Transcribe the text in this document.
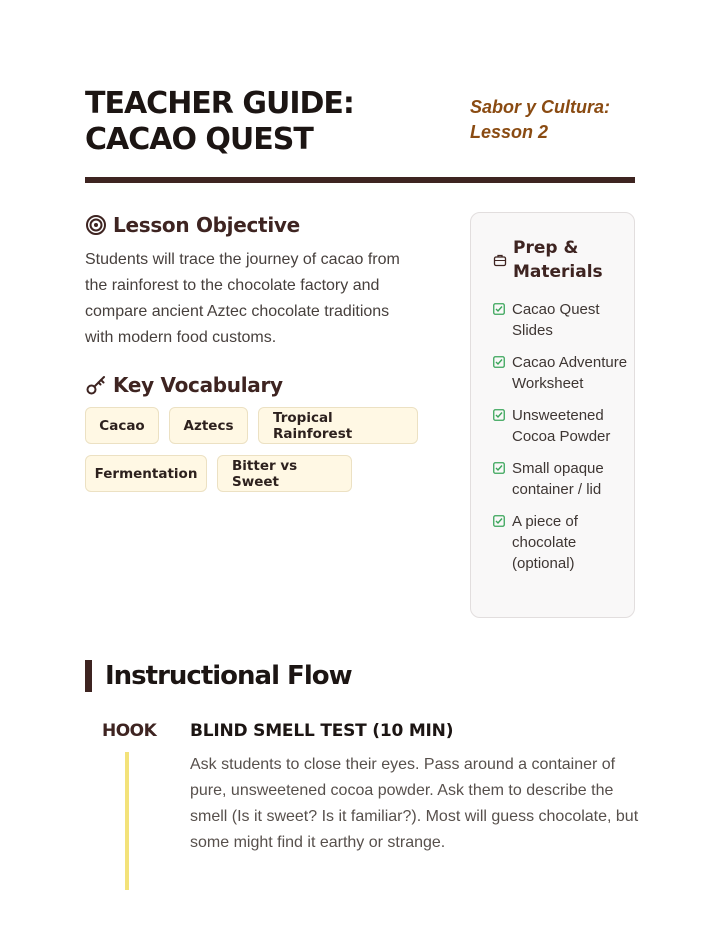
TEACHER GUIDE:
CACAO QUEST
Sabor y Cultura:
Lesson 2
Lesson Objective

Students will trace the journey of cacao from the rainforest to the chocolate factory and compare ancient Aztec chocolate traditions with modern food customs.

Key Vocabulary
Cacao	Aztecs	Tropical Rainforest
Fermentation	Bitter vs Sweet
Prep &
Materials
Cacao Quest Slides
Cacao Adventure Worksheet
Unsweetened Cocoa Powder
Small opaque container / lid
A piece of chocolate (optional)
Instructional Flow
HOOK BLIND SMELL TEST (10 MIN)

Ask students to close their eyes. Pass around a container of pure, unsweetened cocoa powder. Ask them to describe the smell (Is it sweet? Is it familiar?). Most will guess chocolate, but some might find it earthy or strange.
